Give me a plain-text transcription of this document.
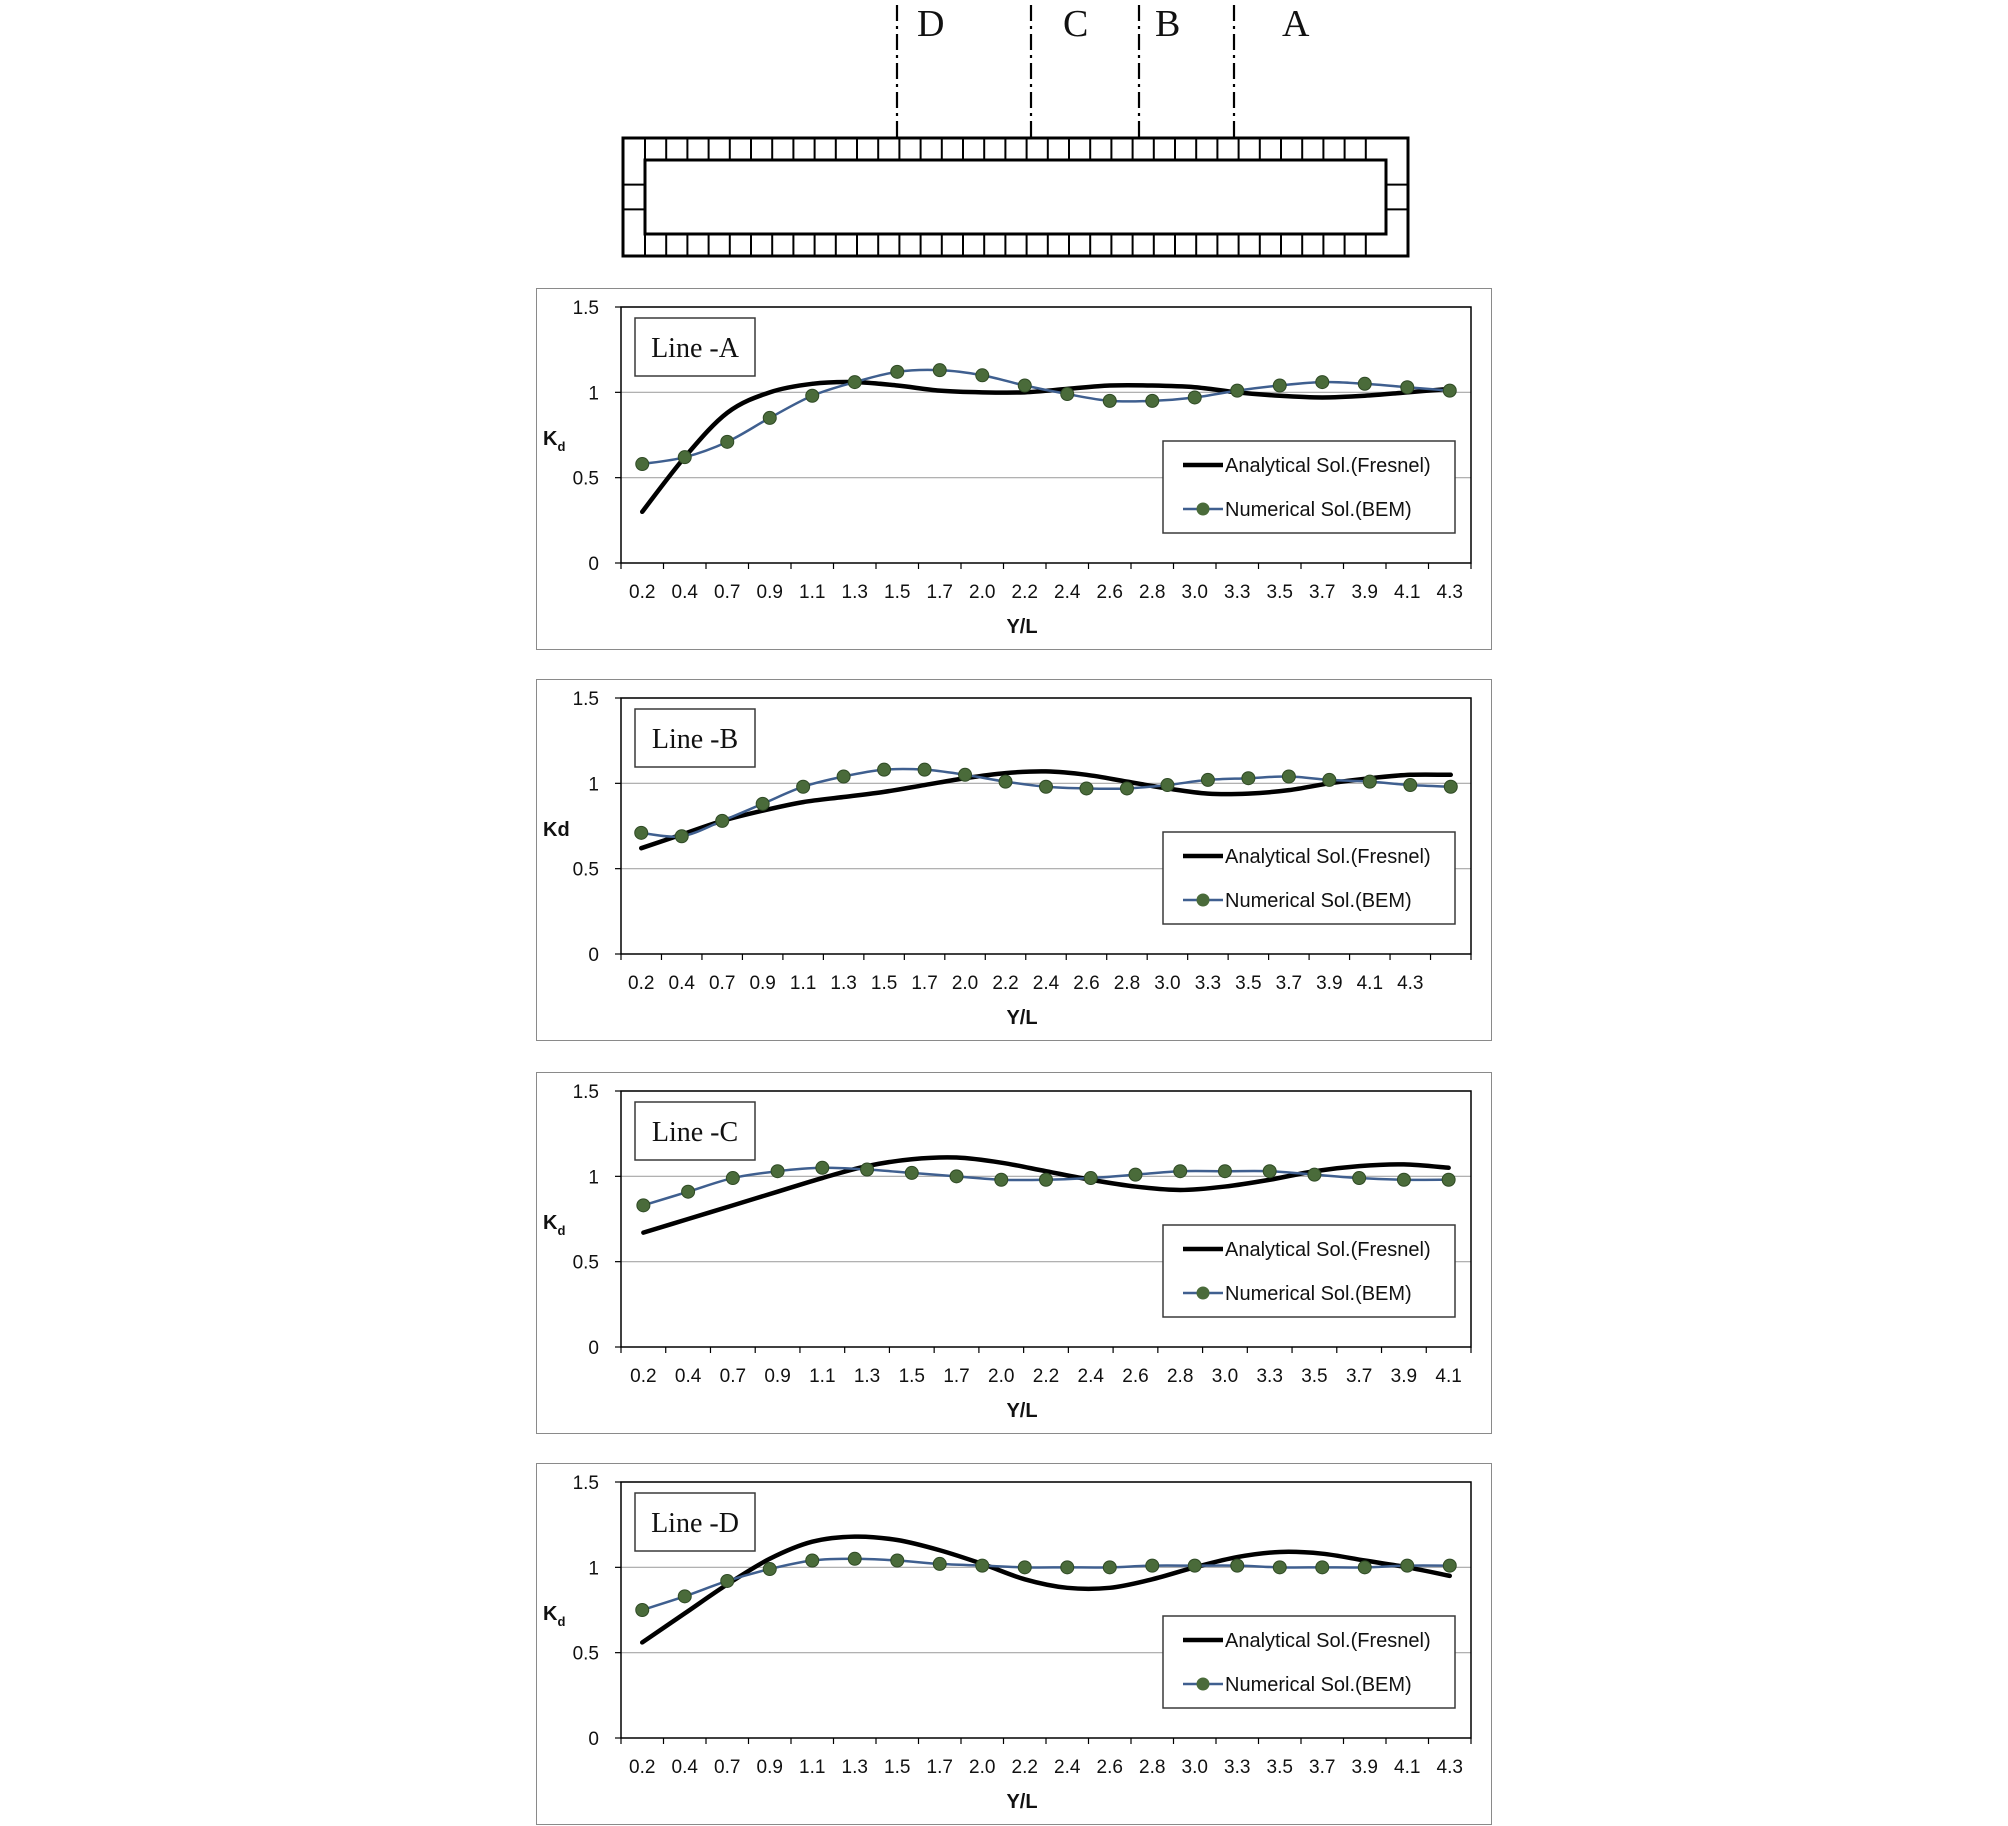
D	C B	A
0.2 0.4 0.7 0.9 1.1 1.3 1.5 1.7 2.0 2.2 2.4 2.6 2.8 3.0 3.3 3.5 3.7 3.9 4.1 4.3
1.5
1
0.5
0
Y/L
$K_d$
Line -A
Analytical Sol.(Fresnel)
Numerical Sol.(BEM)
0.2 0.4 0.7 0.9 1.1 1.3 1.5 1.7 2.0 2.2 2.4 2.6 2.8 3.0 3.3 3.5 3.7 3.9 4.1 4.3
1.5
1
0.5
0
Y/L
Kd
Line -B
Analytical Sol.(Fresnel)
Numerical Sol.(BEM)
0.2 0.4 0.7 0.9 1.1 1.3 1.5 1.7 2.0 2.2 2.4 2.6 2.8 3.0 3.3 3.5 3.7 3.9 4.1
1.5
1
0.5
0
Y/L
$K_d$
Line -C
Analytical Sol.(Fresnel)
Numerical Sol.(BEM)
0.2 0.4 0.7 0.9 1.1 1.3 1.5 1.7 2.0 2.2 2.4 2.6 2.8 3.0 3.3 3.5 3.7 3.9 4.1 4.3
1.5
1
0.5
0
Y/L
$K_d$
Line -D
Analytical Sol.(Fresnel)
Numerical Sol.(BEM)
